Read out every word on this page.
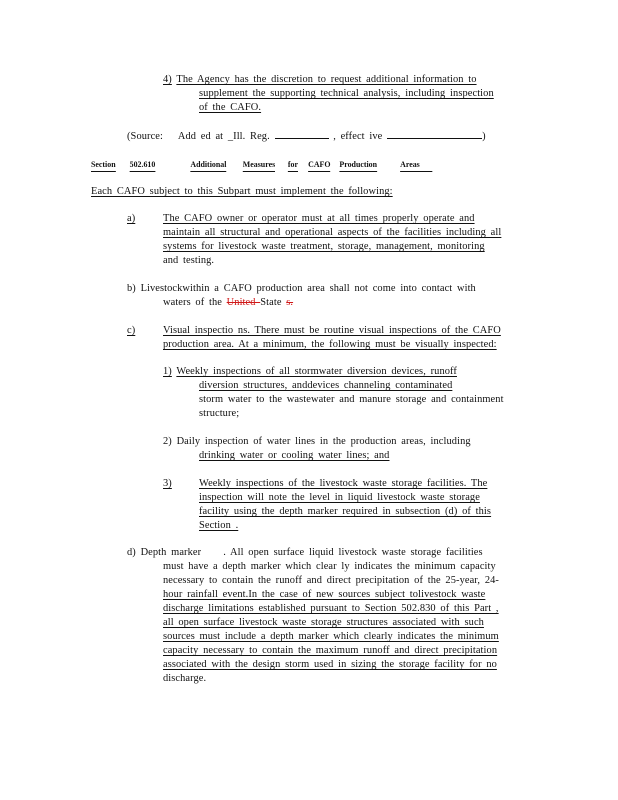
4) The Agency has the discretion to request additional information to
supplement the supporting technical analysis, including inspection
of the CAFO.
(Source: Add ed at _Ill. Reg.	, effect ive	)
Section 502.610	Additional Measures for CAFO Production	Areas
Each CAFO subject to this Subpart must implement the following:
a)	The CAFO owner or operator must at all times properly operate and
maintain all structural and operational aspects of the facilities including all
systems for livestock waste treatment, storage, management, monitoring
and testing.
b) Livestockwithin a CAFO production area shall not come into contact with
waters of the United State s.
c)	Visual inspectio ns. There must be routine visual inspections of the CAFO
production area. At a minimum, the following must be visually inspected:
1) Weekly inspections of all stormwater diversion devices, runoff
diversion structures, anddevices channeling contaminated
storm water to the wastewater and manure storage and containment
structure;
2) Daily inspection of water lines in the production areas, including
drinking water or cooling water lines; and
3)	Weekly inspections of the livestock waste storage facilities. The
inspection will note the level in liquid livestock waste storage
facility using the depth marker required in subsection (d) of this
Section .
d) Depth marker . All open surface liquid livestock waste storage facilities
must have a depth marker which clear ly indicates the minimum capacity
necessary to contain the runoff and direct precipitation of the 25-year, 24-
hour rainfall event.In the case of new sources subject tolivestock waste
discharge limitations established pursuant to Section 502.830 of this Part ,
all open surface livestock waste storage structures associated with such
sources must include a depth marker which clearly indicates the minimum
capacity necessary to contain the maximum runoff and direct precipitation
associated with the design storm used in sizing the storage facility for no
discharge.
